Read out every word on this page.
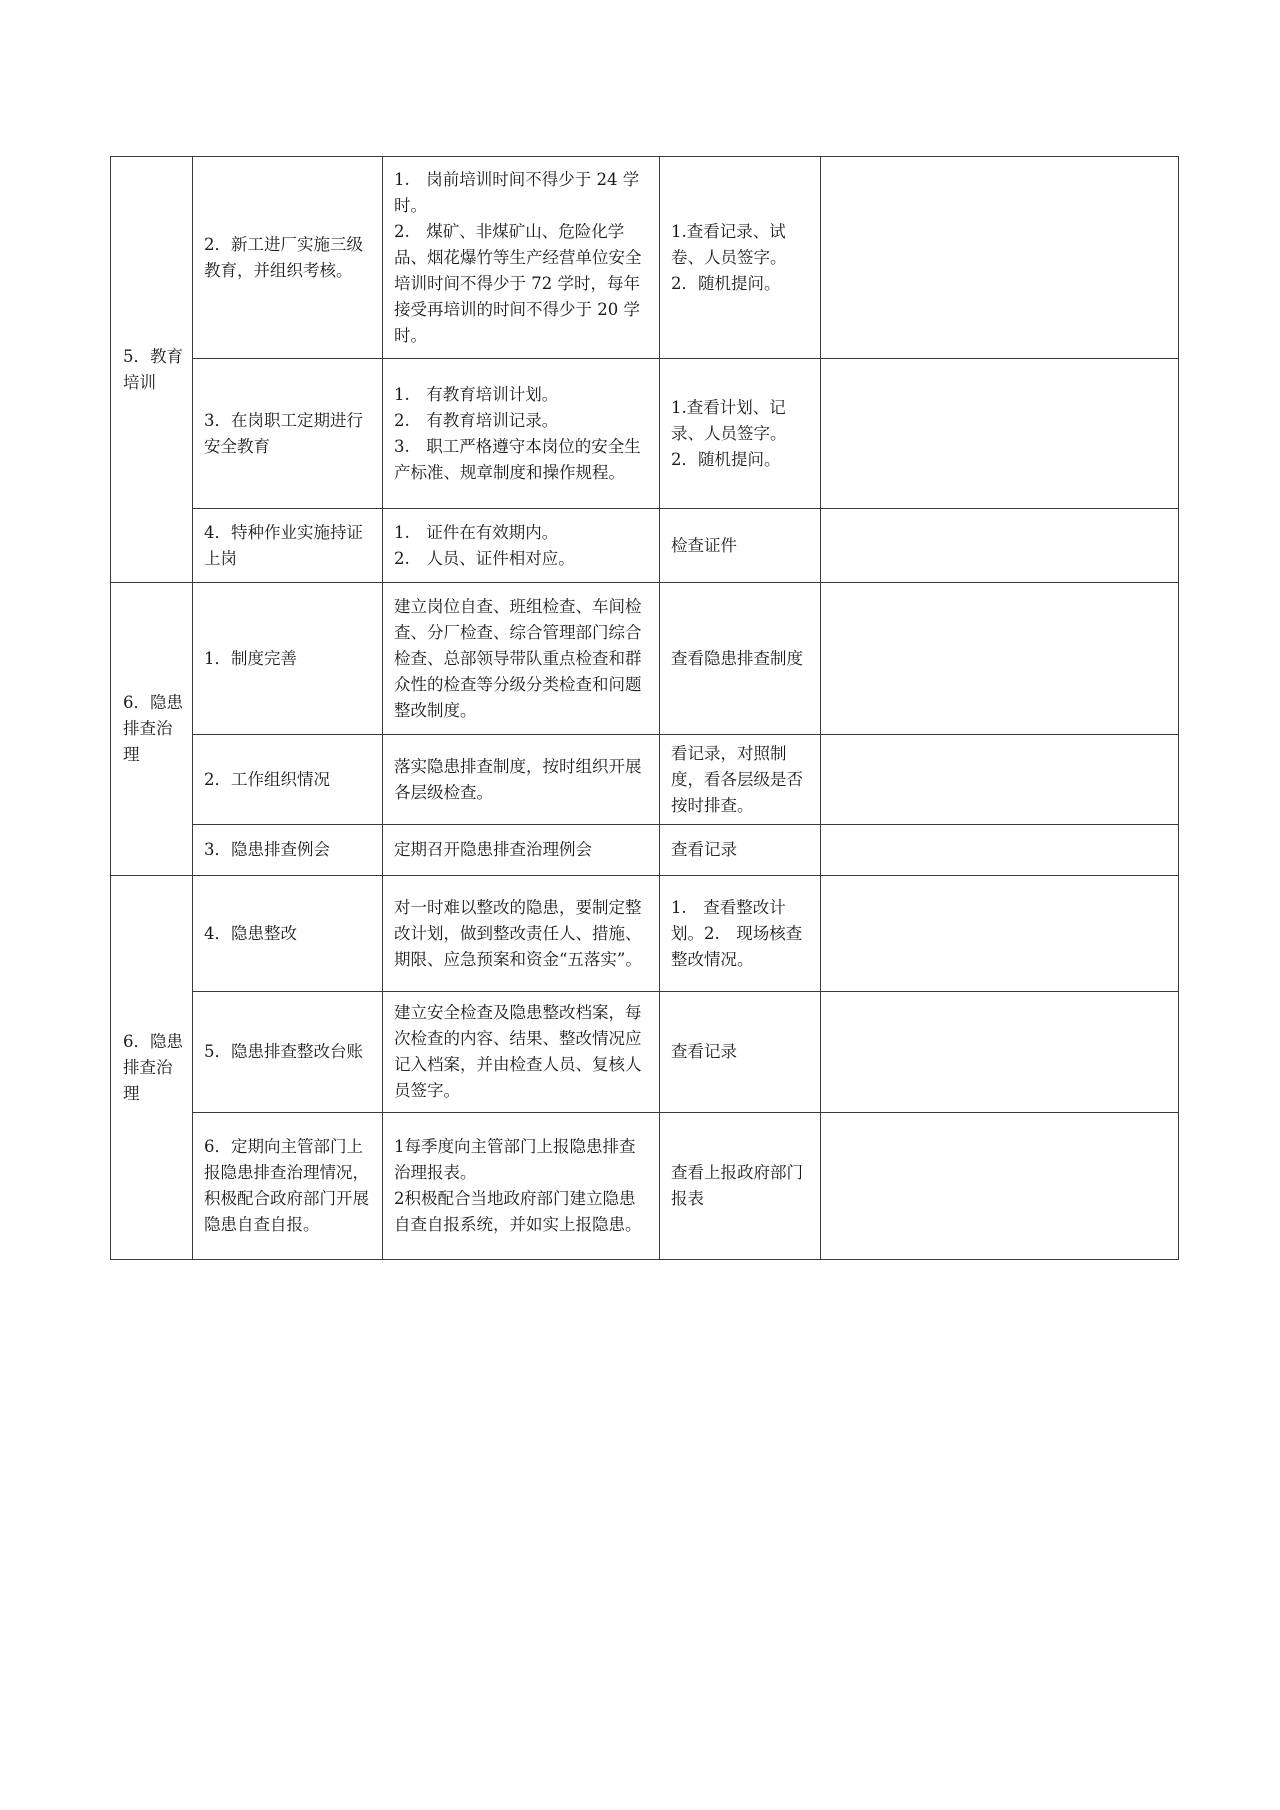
5．教育培训	2．新工进厂实施三级教育，并组织考核。	1.　岗前培训时间不得少于 24 学时。
2.　煤矿、非煤矿山、危险化学品、烟花爆竹等生产经营单位安全培训时间不得少于 72 学时，每年接受再培训的时间不得少于 20 学时。	1.查看记录、试卷、人员签字。2．随机提问。	

	3．在岗职工定期进行安全教育	1.　有教育培训计划。
2.　有教育培训记录。
3.　职工严格遵守本岗位的安全生产标准、规章制度和操作规程。	1.查看计划、记录、人员签字。2．随机提问。	

	4．特种作业实施持证上岗	1.　证件在有效期内。
2.　人员、证件相对应。	检查证件	

6．隐患排查治理	1．制度完善	建立岗位自查、班组检查、车间检查、分厂检查、综合管理部门综合检查、总部领导带队重点检查和群众性的检查等分级分类检查和问题整改制度。	查看隐患排查制度	

	2．工作组织情况	落实隐患排查制度，按时组织开展各层级检查。	看记录，对照制度，看各层级是否按时排查。	

	3．隐患排查例会	定期召开隐患排查治理例会	查看记录	

6．隐患排查治理	4．隐患整改	对一时难以整改的隐患，要制定整改计划，做到整改责任人、措施、期限、应急预案和资金“五落实”。	1.　查看整改计划。2.　现场核查整改情况。	

	5．隐患排查整改台账	建立安全检查及隐患整改档案，每次检查的内容、结果、整改情况应记入档案，并由检查人员、复核人员签字。	查看记录	

	6．定期向主管部门上报隐患排查治理情况，积极配合政府部门开展隐患自查自报。	1每季度向主管部门上报隐患排查治理报表。
2积极配合当地政府部门建立隐患自查自报系统，并如实上报隐患。	查看上报政府部门报表	
